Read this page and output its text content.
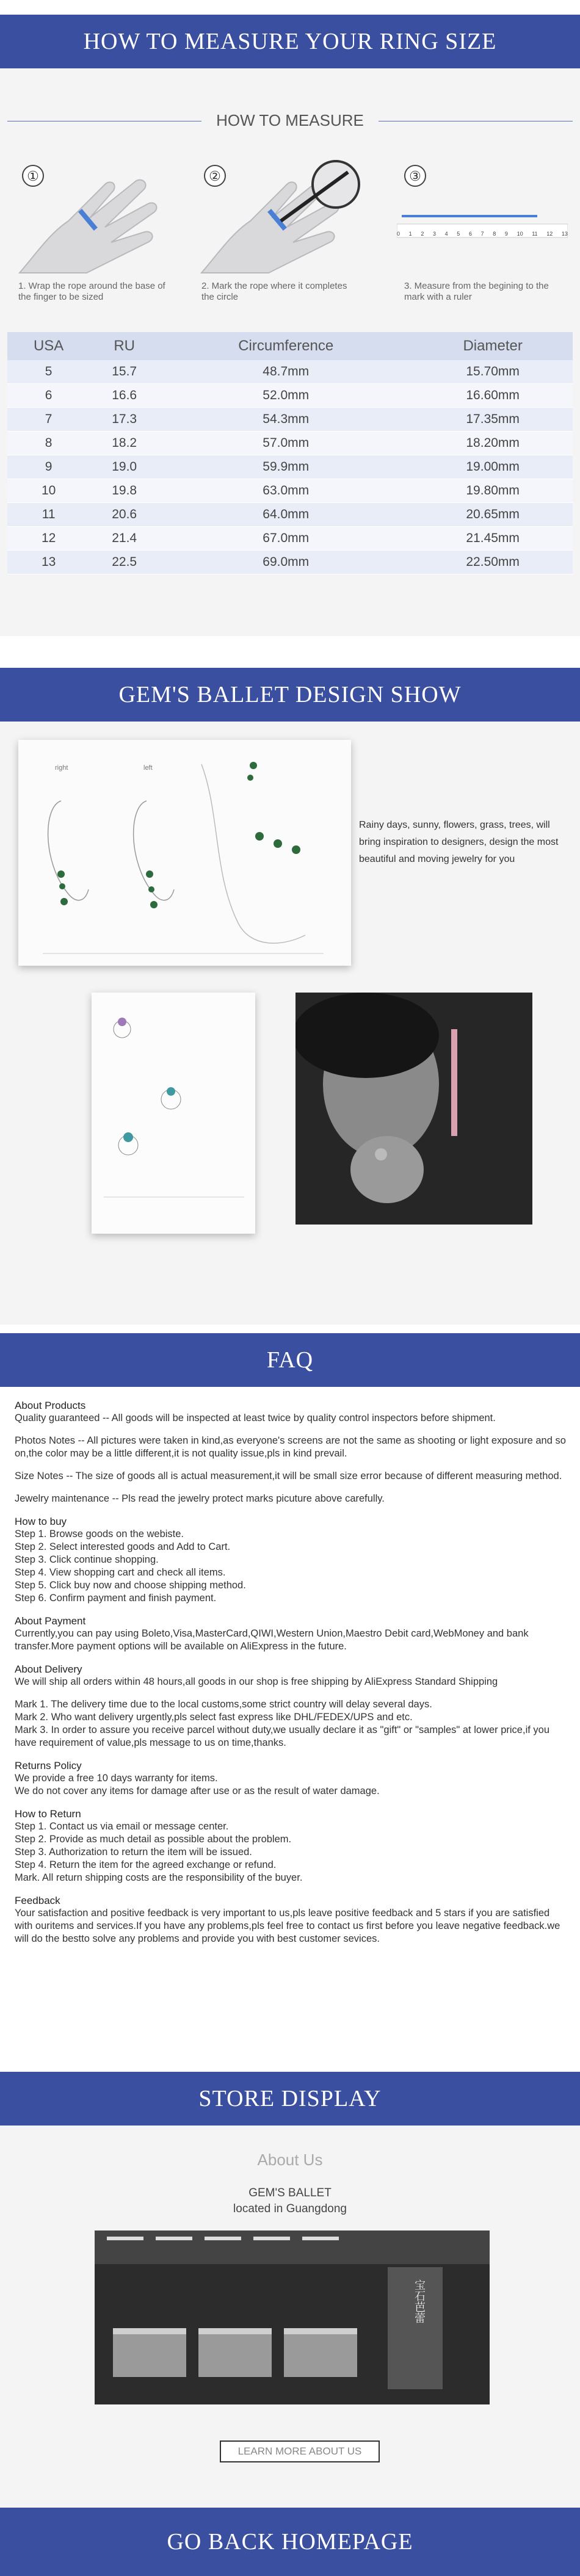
HOW TO MEASURE YOUR RING SIZE
HOW TO MEASURE
0 1 2 3 4 5 6 7 8 9 10 11 12 13
①	②	③
1. Wrap the rope around the base of the finger to be sized
2. Mark the rope where it completes the circle
3. Measure from the begining to the mark with a ruler
USA	RU	Circumference	Diameter
5	15.7	48.7mm	15.70mm
6	16.6	52.0mm	16.60mm
7	17.3	54.3mm	17.35mm
8	18.2	57.0mm	18.20mm
9	19.0	59.9mm	19.00mm
10	19.8	63.0mm	19.80mm
11	20.6	64.0mm	20.65mm
12	21.4	67.0mm	21.45mm
13	22.5	69.0mm	22.50mm
GEM'S BALLET DESIGN SHOW
right	left
Rainy days, sunny, flowers, grass, trees, will bring inspiration to designers, design the most beautiful and moving jewelry for you
FAQ
About Products

Quality guaranteed -- All goods will be inspected at least twice by quality control inspectors before shipment.

Photos Notes -- All pictures were taken in kind,as everyone's screens are not the same as shooting or light exposure and so on,the color may be a little different,it is not quality issue,pls in kind prevail.

Size Notes -- The size of goods all is actual measurement,it will be small size error because of different measuring method.

Jewelry maintenance -- Pls read the jewelry protect marks picuture above carefully.

How to buy

Step 1. Browse goods on the webiste.

Step 2. Select interested goods and Add to Cart.

Step 3. Click continue shopping.

Step 4. View shopping cart and check all items.

Step 5. Click buy now and choose shipping method.

Step 6. Confirm payment and finish payment.

About Payment

Currently,you can pay using Boleto,Visa,MasterCard,QIWI,Western Union,Maestro Debit card,WebMoney and bank transfer.More payment options will be available on AliExpress in the future.

About Delivery

We will ship all orders within 48 hours,all goods in our shop is free shipping by AliExpress Standard Shipping

Mark 1. The delivery time due to the local customs,some strict country will delay several days.

Mark 2. Who want delivery urgently,pls select fast express like DHL/FEDEX/UPS and etc.

Mark 3. In order to assure you receive parcel without duty,we usually declare it as "gift" or "samples" at lower price,if you have requirement of value,pls message to us on time,thanks.

Returns Policy

We provide a free 10 days warranty for items.

We do not cover any items for damage after use or as the result of water damage.

How to Return

Step 1. Contact us via email or message center.

Step 2. Provide as much detail as possible about the problem.

Step 3. Authorization to return the item will be issued.

Step 4. Return the item for the agreed exchange or refund.

Mark. All return shipping costs are the responsibility of the buyer.

Feedback

Your satisfaction and positive feedback is very important to us,pls leave positive feedback and 5 stars if you are satisfied with ouritems and services.If you have any problems,pls feel free to contact us first before you leave negative feedback.we will do the bestto solve any problems and provide you with best customer sevices.

STORE DISPLAY
About Us
GEM'S BALLET
located in Guangdong
宝石芭蕾
LEARN MORE ABOUT US
GO BACK HOMEPAGE
